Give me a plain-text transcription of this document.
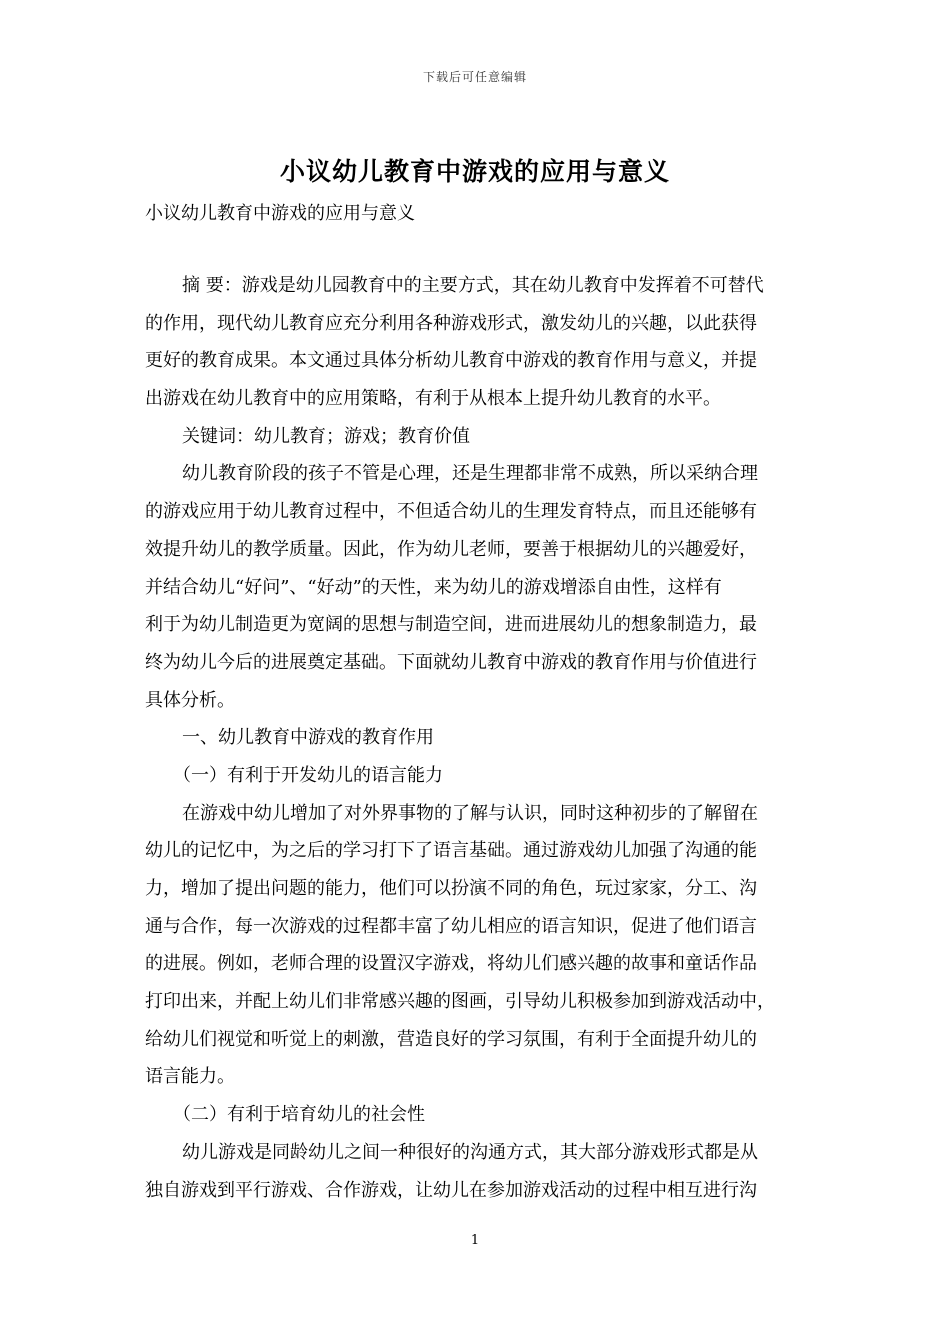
下载后可任意编辑
小议幼儿教育中游戏的应用与意义
小议幼儿教育中游戏的应用与意义
摘 要：游戏是幼儿园教育中的主要方式，其在幼儿教育中发挥着不可替代
的作用，现代幼儿教育应充分利用各种游戏形式，激发幼儿的兴趣，以此获得
更好的教育成果。本文通过具体分析幼儿教育中游戏的教育作用与意义，并提
出游戏在幼儿教育中的应用策略，有利于从根本上提升幼儿教育的水平。
关键词：幼儿教育；游戏；教育价值
幼儿教育阶段的孩子不管是心理，还是生理都非常不成熟，所以采纳合理
的游戏应用于幼儿教育过程中，不但适合幼儿的生理发育特点，而且还能够有
效提升幼儿的教学质量。因此，作为幼儿老师，要善于根据幼儿的兴趣爱好，
并结合幼儿“好问”、“好动”的天性，来为幼儿的游戏增添自由性，这样有
利于为幼儿制造更为宽阔的思想与制造空间，进而进展幼儿的想象制造力，最
终为幼儿今后的进展奠定基础。下面就幼儿教育中游戏的教育作用与价值进行
具体分析。
一、幼儿教育中游戏的教育作用
（一）有利于开发幼儿的语言能力
在游戏中幼儿增加了对外界事物的了解与认识，同时这种初步的了解留在
幼儿的记忆中，为之后的学习打下了语言基础。通过游戏幼儿加强了沟通的能
力，增加了提出问题的能力，他们可以扮演不同的角色，玩过家家，分工、沟
通与合作，每一次游戏的过程都丰富了幼儿相应的语言知识，促进了他们语言
的进展。例如，老师合理的设置汉字游戏，将幼儿们感兴趣的故事和童话作品
打印出来，并配上幼儿们非常感兴趣的图画，引导幼儿积极参加到游戏活动中，
给幼儿们视觉和听觉上的刺激，营造良好的学习氛围，有利于全面提升幼儿的
语言能力。
（二）有利于培育幼儿的社会性
幼儿游戏是同龄幼儿之间一种很好的沟通方式，其大部分游戏形式都是从
独自游戏到平行游戏、合作游戏，让幼儿在参加游戏活动的过程中相互进行沟
1
